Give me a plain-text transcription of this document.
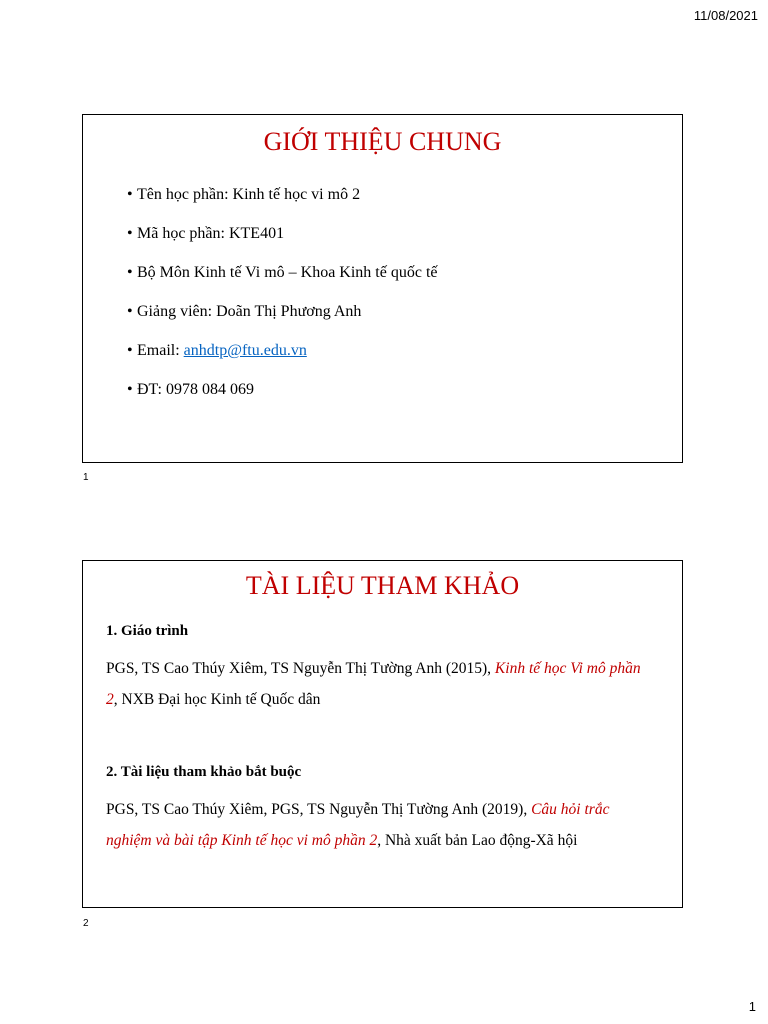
11/08/2021
GIỚI THIỆU CHUNG
• Tên học phần: Kinh tế học vi mô 2
• Mã học phần: KTE401
• Bộ Môn Kinh tế Vi mô – Khoa Kinh tế quốc tế
• Giảng viên: Doãn Thị Phương Anh
• Email: anhdtp@ftu.edu.vn
• ĐT: 0978 084 069
1
TÀI LIỆU THAM KHẢO
1. Giáo trình
PGS, TS Cao Thúy Xiêm, TS Nguyễn Thị Tường Anh (2015), Kinh tế học Vi mô phần 2, NXB Đại học Kinh tế Quốc dân
2. Tài liệu tham khảo bắt buộc
PGS, TS Cao Thúy Xiêm, PGS, TS Nguyễn Thị Tường Anh (2019), Câu hỏi trắc nghiệm và bài tập Kinh tế học vi mô phần 2, Nhà xuất bản Lao động-Xã hội
2
1
